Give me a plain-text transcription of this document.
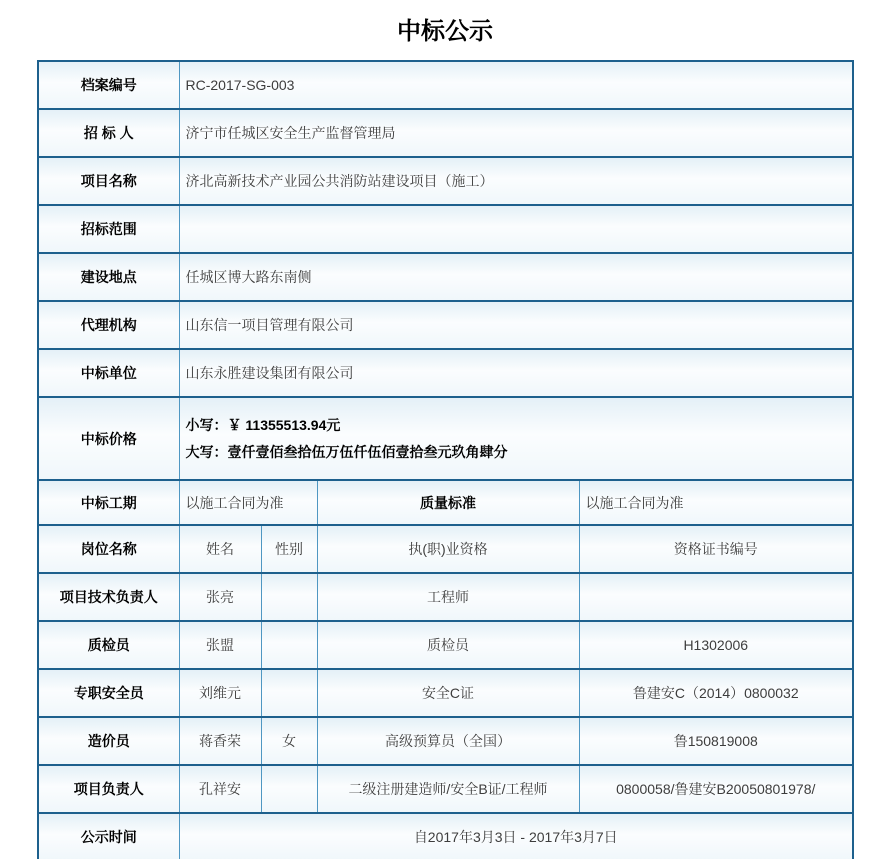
中标公示
档案编号	RC-2017-SG-003			
招 标 人	济宁市任城区安全生产监督管理局			
项目名称	济北高新技术产业园公共消防站建设项目（施工）			
招标范围				
建设地点	任城区博大路东南侧			
代理机构	山东信一项目管理有限公司			
中标单位	山东永胜建设集团有限公司			
中标价格	小写：￥ 11355513.94元
大写：壹仟壹佰叁拾伍万伍仟伍佰壹拾叁元玖角肆分			

中标工期	以施工合同为准		质量标准	以施工合同为准
岗位名称	姓名	性别	执(职)业资格	资格证书编号
项目技术负责人	张亮		工程师	
质检员	张盟		质检员	H1302006
专职安全员	刘维元		安全C证	鲁建安C（2014）0800032
造价员	蒋香荣	女	高级预算员（全国）	鲁150819008
项目负责人	孔祥安		二级注册建造师/安全B证/工程师	0800058/鲁建安B20050801978/
公示时间	自2017年3月3日 - 2017年3月7日			
